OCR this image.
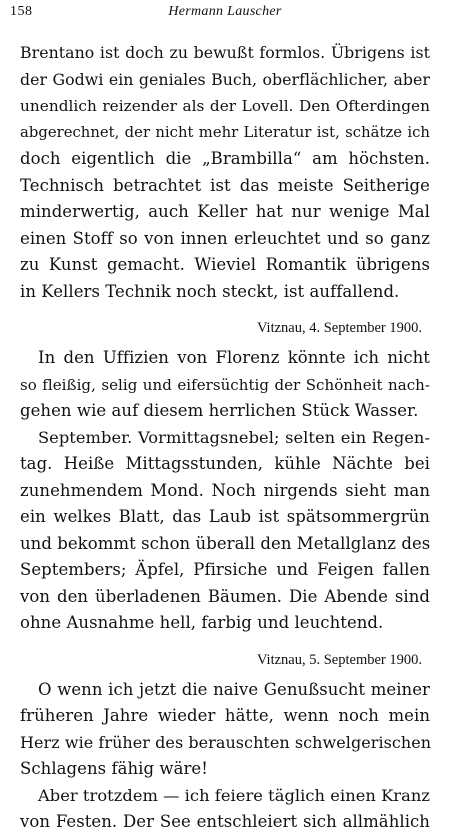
158	Hermann Lauscher
Brentano ist doch zu bewußt formlos. Übrigens ist
der Godwi ein geniales Buch, oberflächlicher, aber
unendlich reizender als der Lovell. Den Ofterdingen
abgerechnet, der nicht mehr Literatur ist, schätze ich
doch eigentlich die „Brambilla“ am höchsten.
Technisch betrachtet ist das meiste Seitherige
minderwertig, auch Keller hat nur wenige Mal
einen Stoff so von innen erleuchtet und so ganz
zu Kunst gemacht. Wieviel Romantik übrigens
in Kellers Technik noch steckt, ist auffallend.
Vitznau, 4. September 1900.
In den Uffizien von Florenz könnte ich nicht
so fleißig, selig und eifersüchtig der Schönheit nach-
gehen wie auf diesem herrlichen Stück Wasser.
September. Vormittagsnebel; selten ein Regen-
tag. Heiße Mittagsstunden, kühle Nächte bei
zunehmendem Mond. Noch nirgends sieht man
ein welkes Blatt, das Laub ist spätsommergrün
und bekommt schon überall den Metallglanz des
Septembers; Äpfel, Pfirsiche und Feigen fallen
von den überladenen Bäumen. Die Abende sind
ohne Ausnahme hell, farbig und leuchtend.
Vitznau, 5. September 1900.
O wenn ich jetzt die naive Genußsucht meiner
früheren Jahre wieder hätte, wenn noch mein
Herz wie früher des berauschten schwelgerischen
Schlagens fähig wäre!
Aber trotzdem — ich feiere täglich einen Kranz
von Festen. Der See entschleiert sich allmählich
